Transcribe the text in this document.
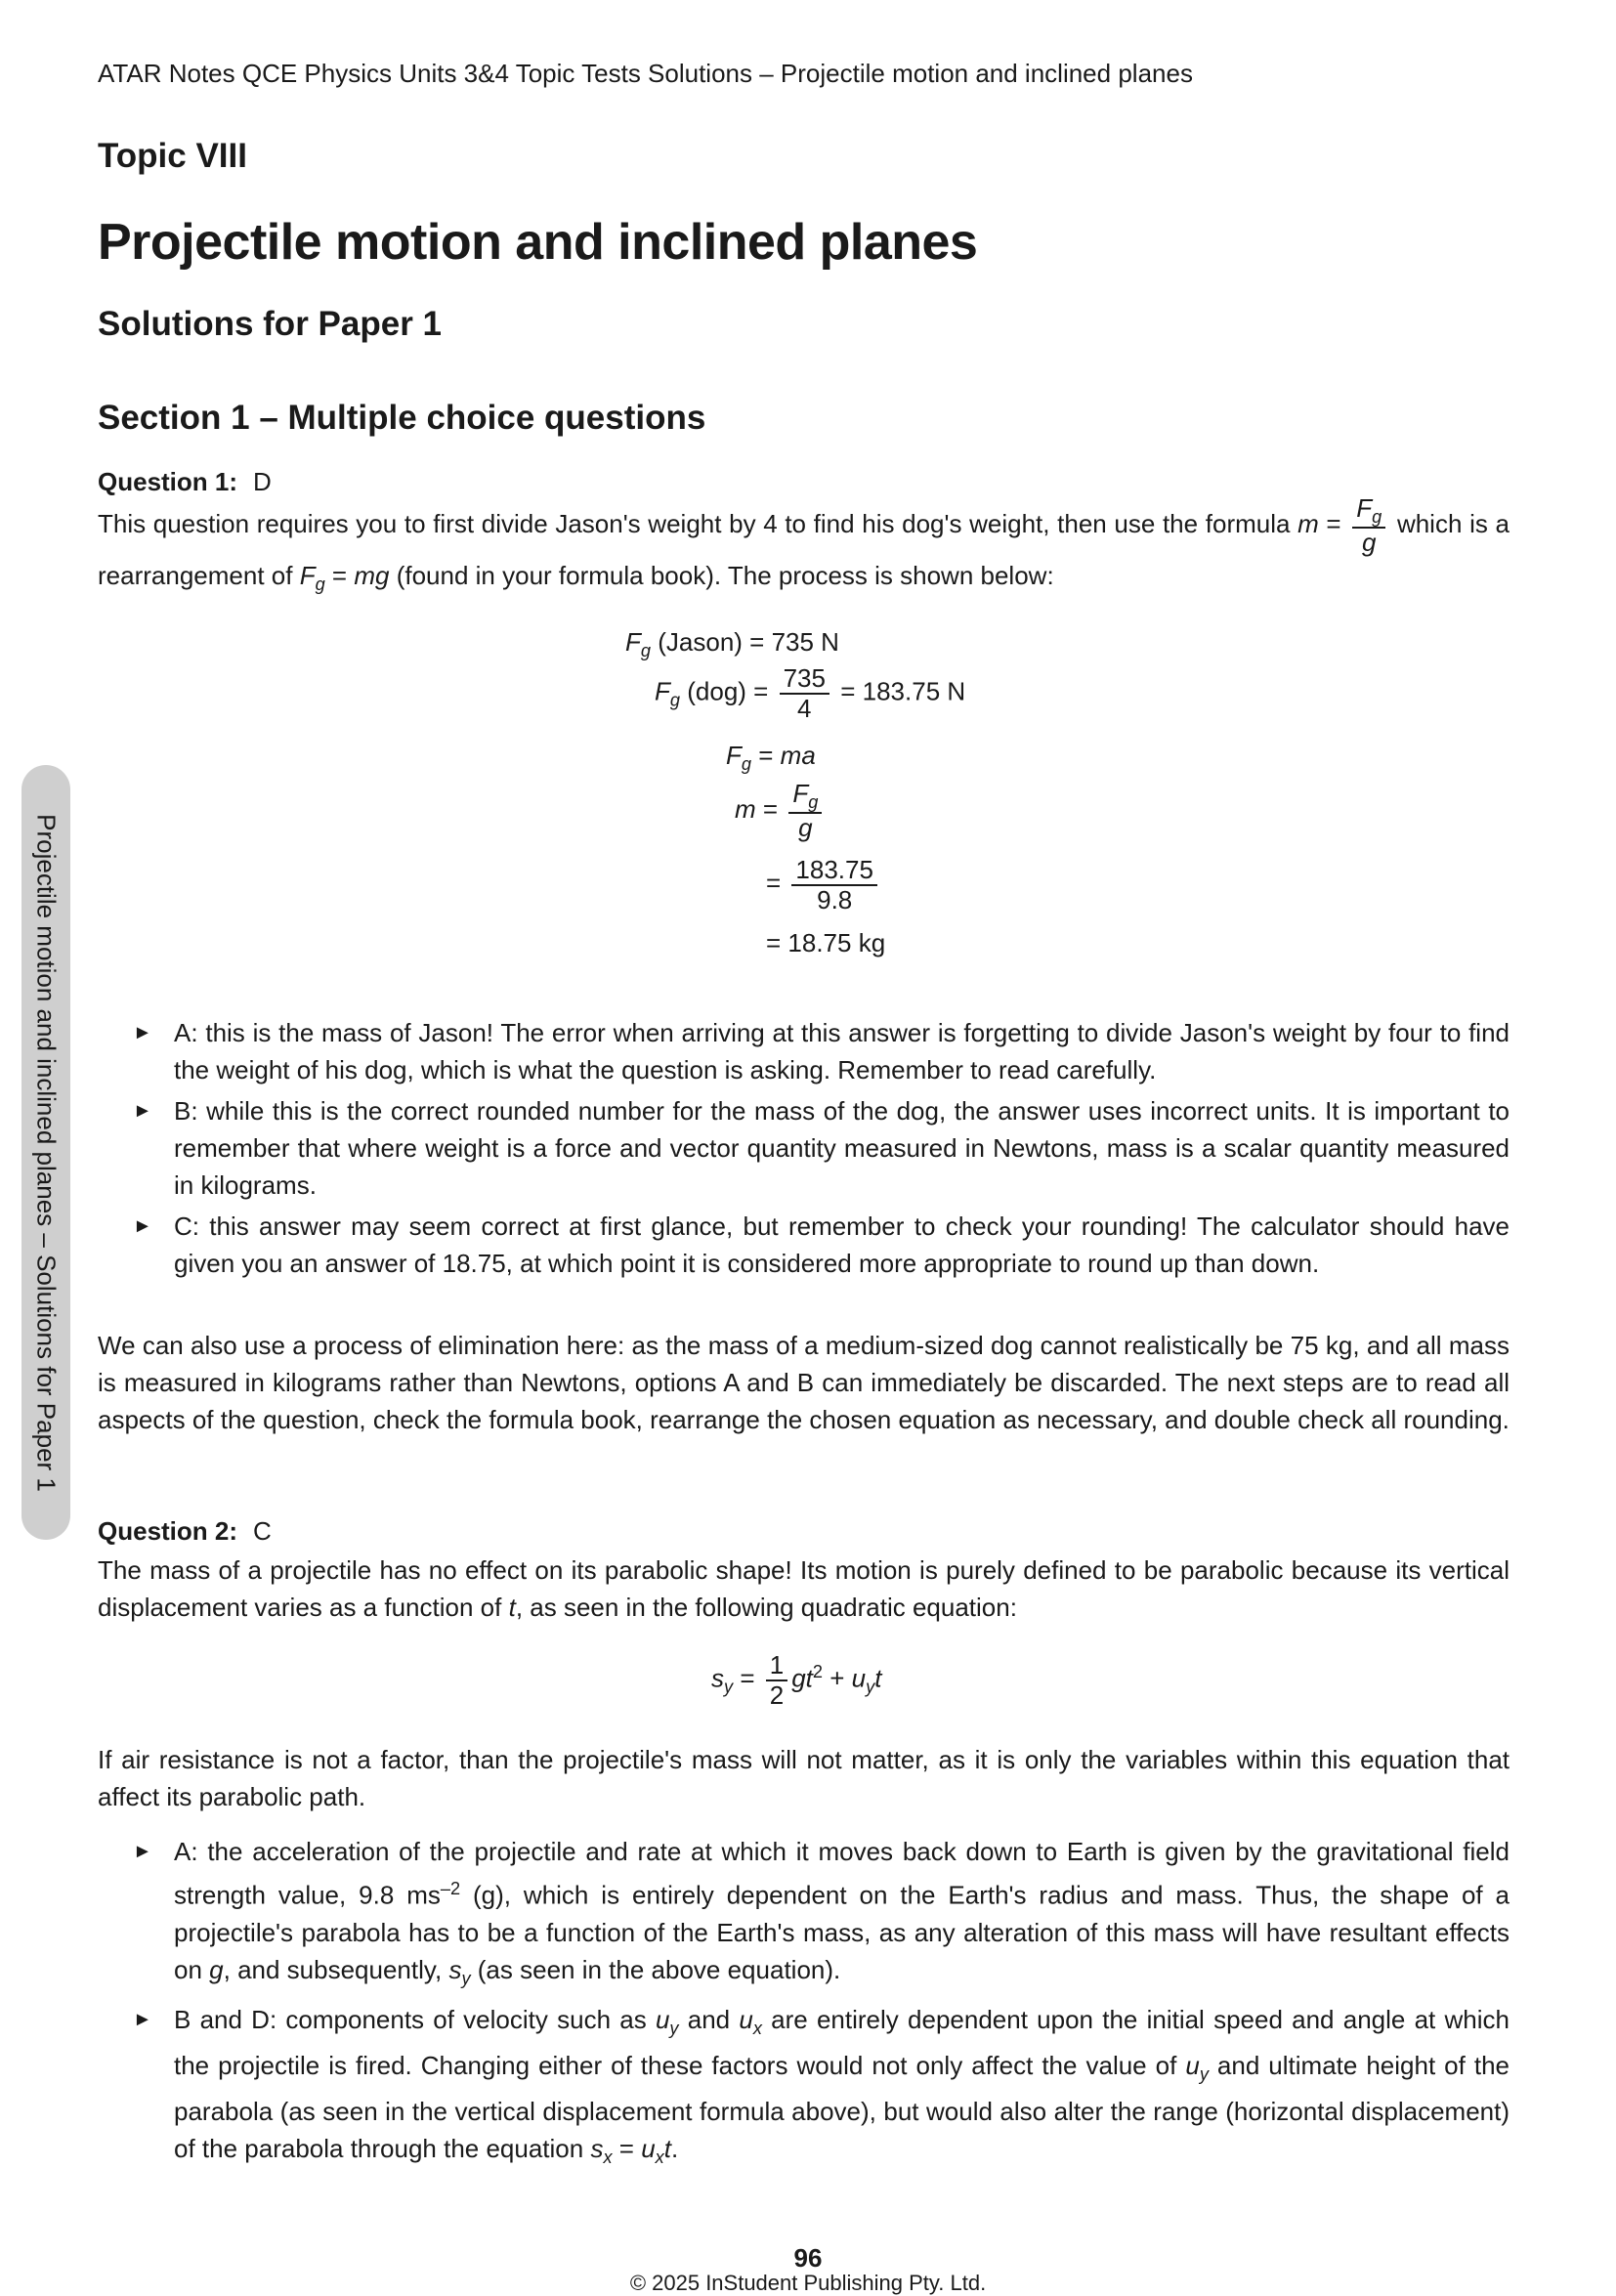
ATAR Notes QCE Physics Units 3&4 Topic Tests Solutions – Projectile motion and inclined planes
Topic VIII
Projectile motion and inclined planes
Solutions for Paper 1
Section 1 – Multiple choice questions
Projectile motion and inclined planes – Solutions for Paper 1
Question 1: D
This question requires you to first divide Jason's weight by 4 to find his dog's weight, then use the formula $m = \frac{F_g}{g}$ which is a rearrangement of $F_g$ = mg (found in your formula book). The process is shown below:
$F_g$ (Jason) = 735 N
$F_g$ $(dog) = \frac{735}{4} = 183.75$ N
$F_g$ = ma
$m = \frac{F_g}{g}$
= $\frac{183.75}{9.8}$
= 18.75 kg
► A: this is the mass of Jason! The error when arriving at this answer is forgetting to divide Jason's weight by four to find the weight of his dog, which is what the question is asking. Remember to read carefully.
► B: while this is the correct rounded number for the mass of the dog, the answer uses incorrect units. It is important to remember that where weight is a force and vector quantity measured in Newtons, mass is a scalar quantity measured in kilograms.
► C: this answer may seem correct at first glance, but remember to check your rounding! The calculator should have given you an answer of 18.75, at which point it is considered more appropriate to round up than down.
We can also use a process of elimination here: as the mass of a medium-sized dog cannot realistically be 75 kg, and all mass is measured in kilograms rather than Newtons, options A and B can immediately be discarded. The next steps are to read all aspects of the question, check the formula book, rearrange the chosen equation as necessary, and double check all rounding.
Question 2: C
The mass of a projectile has no effect on its parabolic shape! Its motion is purely defined to be parabolic because its vertical displacement varies as a function of t, as seen in the following quadratic equation:
$s_y = \frac{1}{2} gt^2 + u_yt$
If air resistance is not a factor, than the projectile's mass will not matter, as it is only the variables within this equation that affect its parabolic path.
► A: the acceleration of the projectile and rate at which it moves back down to Earth is given by the gravitational field strength value, 9.8 $ms^{-2}$ (g), which is entirely dependent on the Earth's radius and mass. Thus, the shape of a projectile's parabola has to be a function of the Earth's mass, as any alteration of this mass will have resultant effects on g, and subsequently, $s_y$ (as seen in the above equation).
► B and D: components of velocity such as $u_y$ and $u_x$ are entirely dependent upon the initial speed and angle at which the projectile is fired. Changing either of these factors would not only affect the value of $u_y$ and ultimate height of the parabola (as seen in the vertical displacement formula above), but would also alter the range (horizontal displacement) of the parabola through the equation $s_x = u_xt$.
96
© 2025 InStudent Publishing Pty. Ltd.
